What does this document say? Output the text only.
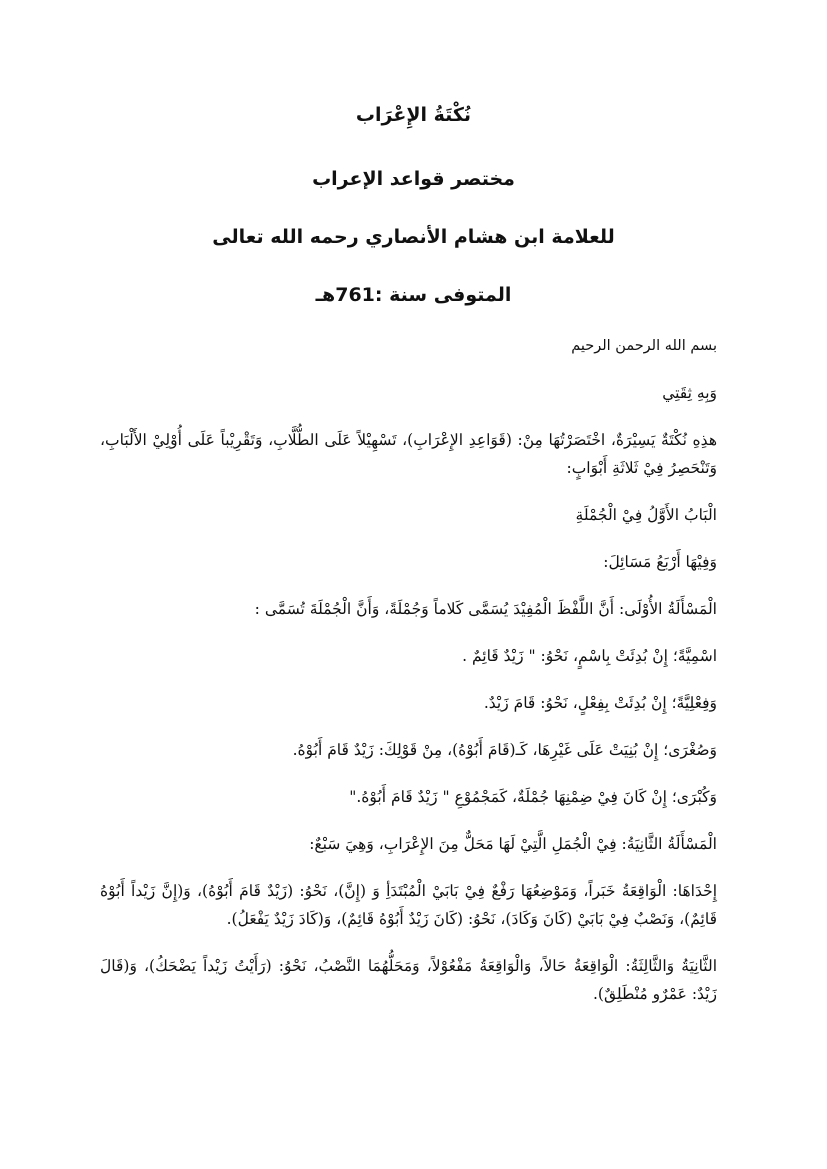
نُكْتَةُ الإِعْرَاب
مختصر قواعد الإعراب
للعلامة ابن هشام الأنصاري رحمه الله تعالى
المتوفى سنة :761هـ

بسم الله الرحمن الرحيم

وَبِهِ ثِقَتِي

هذِهِ نُكْتَةٌ يَسِيْرَةٌ، اخْتَصَرْتُهَا مِنْ: (قَوَاعِدِ الإِعْرَابِ)، تَسْهِيْلاً عَلَى الطُّلَّابِ، وَتَقْرِيْباً عَلَى أُوْلِيْ الأَلْبَابِ، وَتَنْحَصِرُ فِيْ ثَلاثَةِ أَبْوَابٍ:

الْبَابُ الأَوَّلُ فِيْ الْجُمْلَةِ

وَفِيْهَا أَرْبَعُ مَسَائِلَ:

الْمَسْأَلَةُ الأُوْلَى: أَنَّ اللَّفْظَ الْمُفِيْدَ يُسَمَّى كَلاماً وَجُمْلَةً، وَأَنَّ الْجُمْلَةَ تُسَمَّى :

اسْمِيَّةً؛ إِنْ بُدِئَتْ بِاسْمٍ، نَحْوُ: " زَيْدٌ قَائِمٌ .

وَفِعْلِيَّةً؛ إِنْ بُدِئَتْ بِفِعْلٍ، نَحْوُ: قَامَ زَيْدٌ.

وَصُغْرَى؛ إِنْ بُنِيَتْ عَلَى غَيْرِهَا، كَـ(قَامَ أَبُوْهُ)، مِنْ قَوْلِكَ: زَيْدٌ قَامَ أَبُوْهُ.

وَكُبْرَى؛ إِنْ كَانَ فِيْ ضِمْنِهَا جُمْلَةٌ، كَمَجْمُوْعِ " زَيْدٌ قَامَ أَبُوْهُ."

الْمَسْأَلَةُ الثَّانِيَةُ: فِيْ الْجُمَلِ الَّتِيْ لَهَا مَحَلٌّ مِنَ الإِعْرَابِ، وَهِيَ سَبْعٌ:

إِحْدَاهَا: الْوَاقِعَةُ خَبَراً، وَمَوْضِعُهَا رَفْعٌ فِيْ بَابَيْ الْمُبْتَدَأِ وَ (إِنَّ)، نَحْوُ: (زَيْدٌ قَامَ أَبُوْهُ)، وَ(إِنَّ زَيْداً أَبُوْهُ قَائِمٌ)، وَنَصْبٌ فِيْ بَابَيْ (كَانَ وَكَادَ)، نَحْوُ: (كَانَ زَيْدٌ أَبُوْهُ قَائِمٌ)، وَ(كَادَ زَيْدٌ يَفْعَلُ).

الثَّانِيَةُ وَالثَّالِثَةُ: الْوَاقِعَةُ حَالاً، وَالْوَاقِعَةُ مَفْعُوْلاً، وَمَحَلُّهُمَا النَّصْبُ، نَحْوُ: (رَأَيْتُ زَيْداً يَضْحَكُ)، وَ(قَالَ زَيْدٌ: عَمْرٌو مُنْطَلِقٌ).
